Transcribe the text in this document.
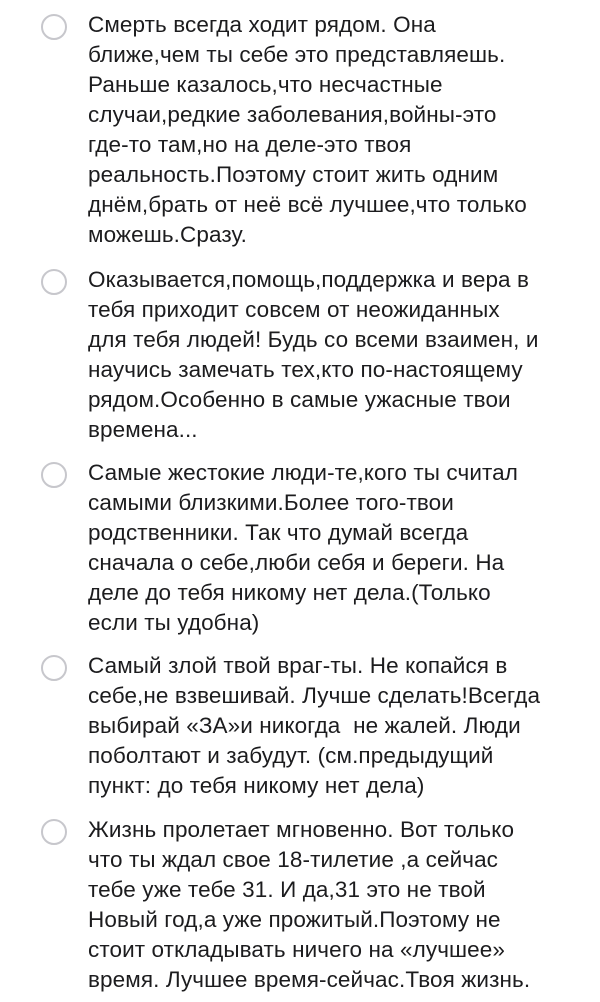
Смерть всегда ходит рядом. Она
ближе,чем ты себе это представляешь.
Раньше казалось,что несчастные
случаи,редкие заболевания,войны-это
где-то там,но на деле-это твоя
реальность.Поэтому стоит жить одним
днём,брать от неё всё лучшее,что только
можешь.Сразу.

Оказывается,помощь,поддержка и вера в
тебя приходит совсем от неожиданных
для тебя людей! Будь со всеми взаимен, и
научись замечать тех,кто по-настоящему
рядом.Особенно в самые ужасные твои
времена...

Самые жестокие люди-те,кого ты считал
самыми близкими.Более того-твои
родственники. Так что думай всегда
сначала о себе,люби себя и береги. На
деле до тебя никому нет дела.(Только
если ты удобна)

Самый злой твой враг-ты. Не копайся в
себе,не взвешивай. Лучше сделать!Всегда
выбирай «ЗА»и никогда  не жалей. Люди
поболтают и забудут. (см.предыдущий
пункт: до тебя никому нет дела)

Жизнь пролетает мгновенно. Вот только
что ты ждал свое 18-тилетие ,а сейчас
тебе уже тебе 31. И да,31 это не твой
Новый год,а уже прожитый.Поэтому не
стоит откладывать ничего на «лучшее»
время. Лучшее время-сейчас.Твоя жизнь.
